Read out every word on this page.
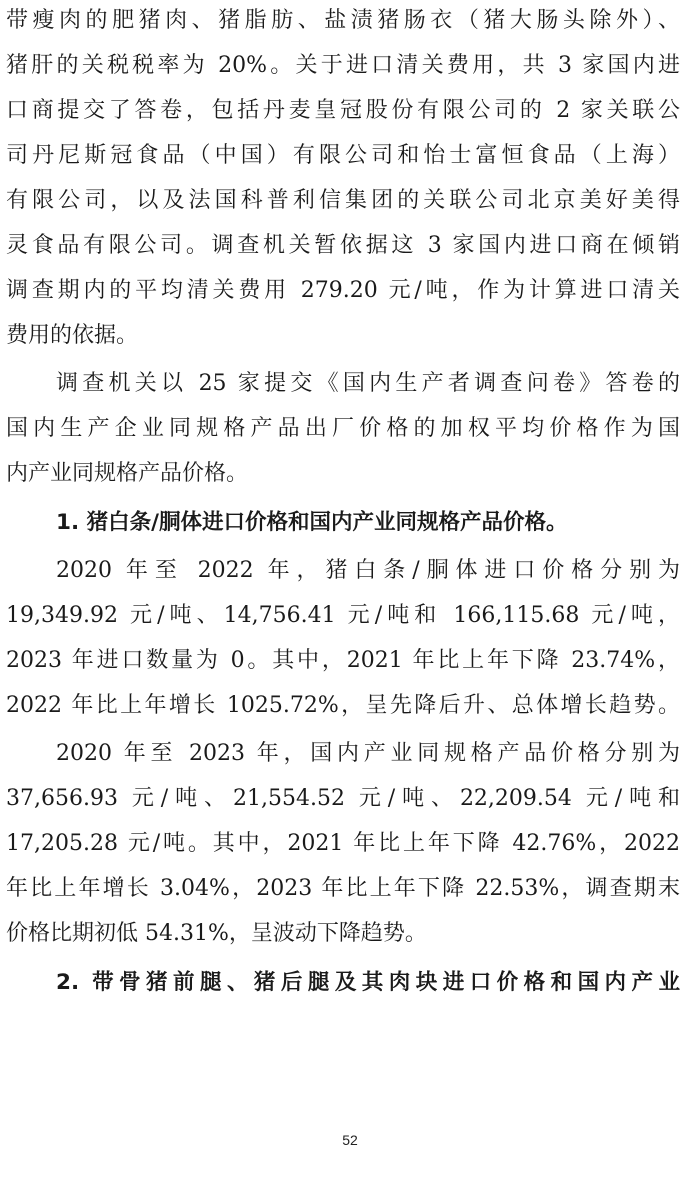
带瘦肉的肥猪肉、猪脂肪、盐渍猪肠衣（猪大肠头除外）、
猪肝的关税税率为 20%。关于进口清关费用，共 3 家国内进
口商提交了答卷，包括丹麦皇冠股份有限公司的 2 家关联公
司丹尼斯冠食品（中国）有限公司和怡士富恒食品（上海）
有限公司，以及法国科普利信集团的关联公司北京美好美得
灵食品有限公司。调查机关暂依据这 3 家国内进口商在倾销
调查期内的平均清关费用 279.20 元/吨，作为计算进口清关
费用的依据。
调查机关以 25 家提交《国内生产者调查问卷》答卷的
国内生产企业同规格产品出厂价格的加权平均价格作为国
内产业同规格产品价格。
1. 猪白条/胴体进口价格和国内产业同规格产品价格。
2020 年至 2022 年，猪白条/胴体进口价格分别为
19,349.92 元/吨、14,756.41 元/吨和 166,115.68 元/吨，
2023 年进口数量为 0。其中，2021 年比上年下降 23.74%，
2022 年比上年增长 1025.72%，呈先降后升、总体增长趋势。
2020 年至 2023 年，国内产业同规格产品价格分别为
37,656.93 元/吨、21,554.52 元/吨、22,209.54 元/吨和
17,205.28 元/吨。其中，2021 年比上年下降 42.76%，2022
年比上年增长 3.04%，2023 年比上年下降 22.53%，调查期末
价格比期初低 54.31%，呈波动下降趋势。
2. 带骨猪前腿、猪后腿及其肉块进口价格和国内产业
52
